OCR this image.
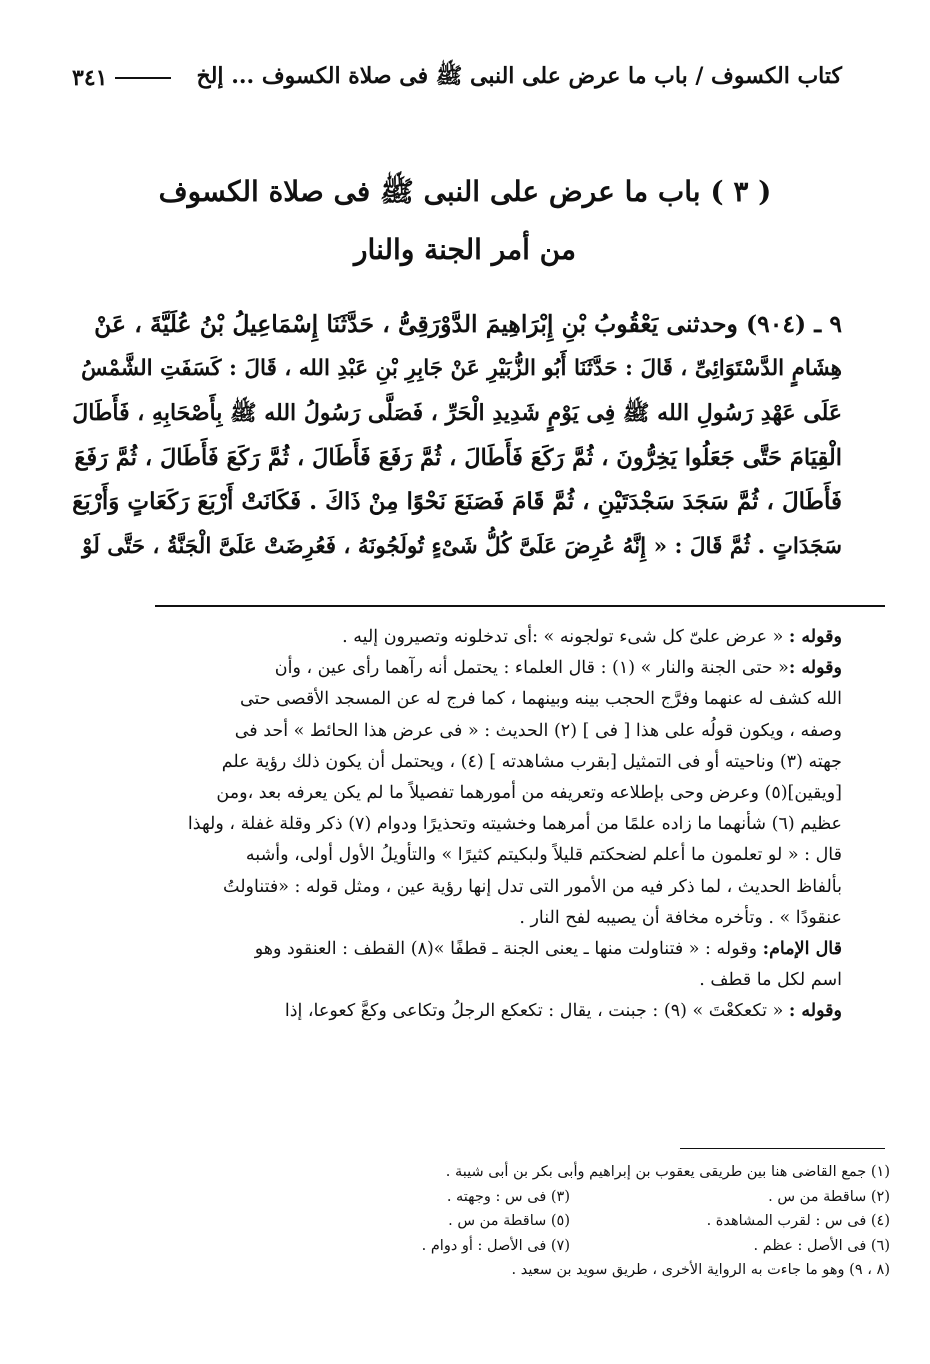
كتاب الكسوف / باب ما عرض على النبى ﷺ فى صلاة الكسوف ... إلخ
٣٤١
( ٣ ) باب ما عرض على النبى ﷺ فى صلاة الكسوف
من أمر الجنة والنار
٩ ـ (٩٠٤) وحدثنى يَعْقُوبُ بْنِ إِبْرَاهِيمَ الدَّوْرَقِىُّ ، حَدَّثَنَا إِسْمَاعِيلُ بْنُ عُلَيَّةَ ، عَنْ
هِشَامٍ الدَّسْتَوَائِىِّ ، قَالَ : حَدَّثَنَا أَبُو الزُّبَيْرِ عَنْ جَابِرِ بْنِ عَبْدِ الله ، قَالَ : كَسَفَتِ الشَّمْسُ
عَلَى عَهْدِ رَسُولِ الله ﷺ فِى يَوْمٍ شَدِيدِ الْحَرِّ ، فَصَلَّى رَسُولُ الله ﷺ بِأَصْحَابِهِ ، فَأَطَالَ
الْقِيَامَ حَتَّى جَعَلُوا يَخِرُّونَ ، ثُمَّ رَكَعَ فَأَطَالَ ، ثُمَّ رَفَعَ فَأَطَالَ ، ثُمَّ رَكَعَ فَأَطَالَ ، ثُمَّ رَفَعَ
فَأَطَالَ ، ثُمَّ سَجَدَ سَجْدَتَيْنِ ، ثُمَّ قَامَ فَصَنَعَ نَحْوًا مِنْ ذَاكَ . فَكَانَتْ أَرْبَعَ رَكَعَاتٍ وَأَرْبَعَ
سَجَدَاتٍ . ثُمَّ قَالَ : « إِنَّهُ عُرِضَ عَلَىَّ كُلُّ شَىْءٍ تُولَجُونَهُ ، فَعُرِضَتْ عَلَىَّ الْجَنَّةُ ، حَتَّى لَوْ
وقوله : « عرض علىّ كل شىء تولجونه » :أى تدخلونه وتصيرون إليه .
وقوله :« حتى الجنة والنار » (١) : قال العلماء : يحتمل أنه رآهما رأى عين ، وأن
الله كشف له عنهما وفرَّج الحجب بينه وبينهما ، كما فرج له عن المسجد الأقصى حتى
وصفه ، ويكون قولُه على هذا [ فى ] (٢) الحديث : « فى عرض هذا الحائط » أحد فى
جهته (٣) وناحيته أو فى التمثيل [بقرب مشاهدته ] (٤) ، ويحتمل أن يكون ذلك رؤية علم
[ويقين](٥) وعرض وحى بإطلاعه وتعريفه من أمورهما تفصيلاً ما لم يكن يعرفه بعد ،ومن
عظيم (٦) شأنهما ما زاده علمًا من أمرهما وخشيته وتحذيرًا ودوام (٧) ذكر وقلة غفلة ، ولهذا
قال : « لو تعلمون ما أعلم لضحكتم قليلاً ولبكيتم كثيرًا » والتأويلُ الأول أولى، وأشبه
بألفاظ الحديث ، لما ذكر فيه من الأمور التى تدل إنها رؤية عين ، ومثل قوله : «فتناولتُ
عنقودًا » . وتأخره مخافة أن يصيبه لفح النار .
قال الإمام: وقوله : « فتناولت منها ـ يعنى الجنة ـ قطفًا »(٨) القطف : العنقود وهو
اسم لكل ما قطف .
وقوله : « تكعكعْتَ » (٩) : جبنت ، يقال : تكعكع الرجلُ وتكاعى وكعَّ كعوعا، إذا
(١) جمع القاضى هنا بين طريقى يعقوب بن إبراهيم وأبى بكر بن أبى شيبة .
(٢) ساقطة من س .
(٣) فى س : وجهته .
(٤) فى س : لقرب المشاهدة .
(٥) ساقطة من س .
(٦) فى الأصل : عظم .
(٧) فى الأصل : أو دوام .
(٨ ، ٩) وهو ما جاءت به الرواية الأخرى ، طريق سويد بن سعيد .
